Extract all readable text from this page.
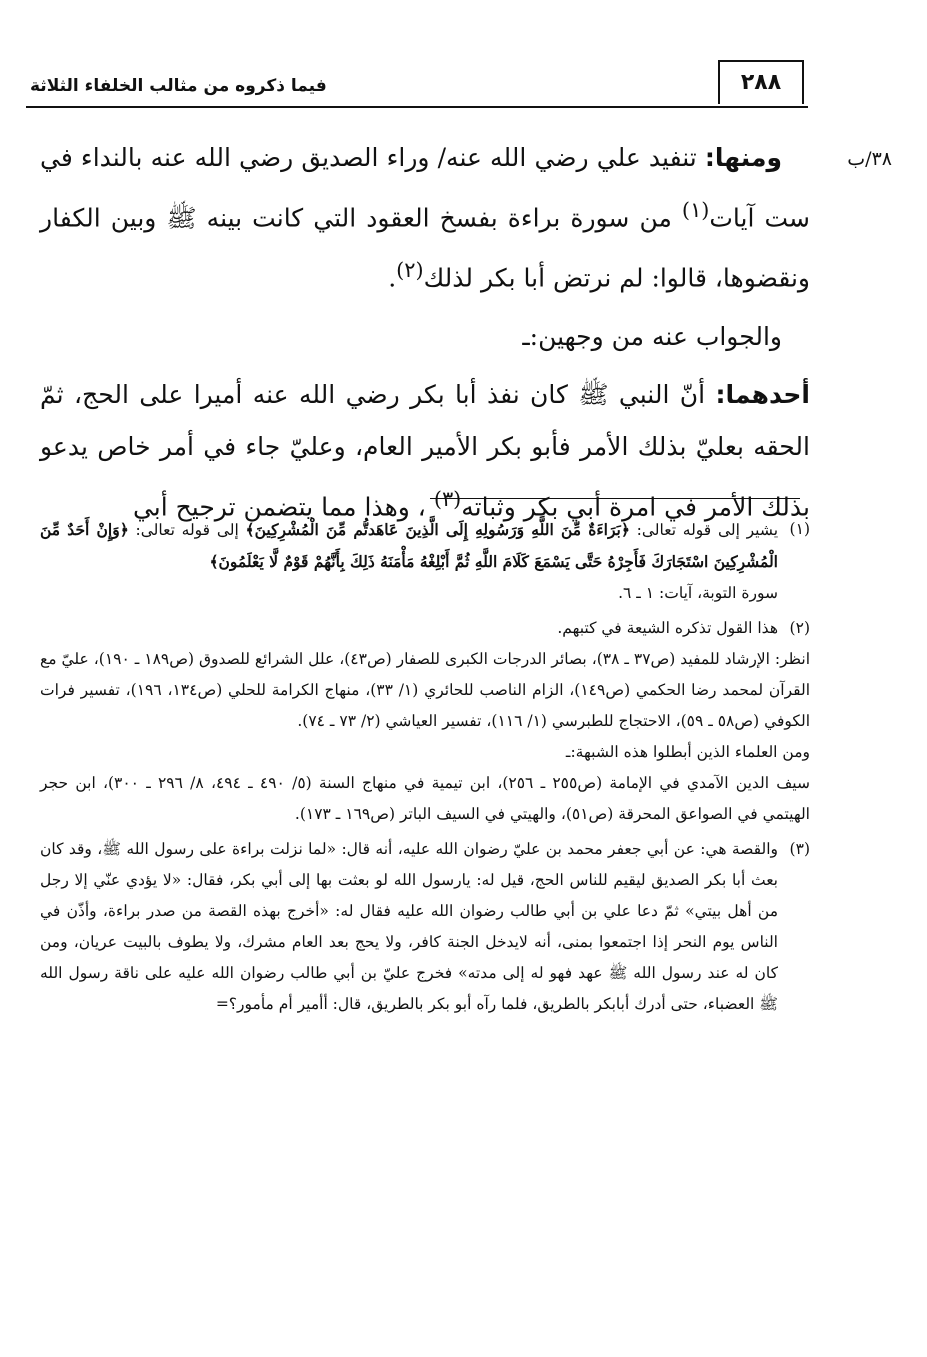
٢٨٨
فيما ذكروه من مثالب الخلفاء الثلاثة
٣٨/ب

ومنها: تنفيد علي رضي الله عنه/ وراء الصديق رضي الله عنه بالنداء في ست آيات$^{(١)}$ من سورة براءة بفسخ العقود التي كانت بينه ﷺ وبين الكفار ونقضوها، قالوا: لم نرتض أبا بكر لذلك$^{(٢)}$.

والجواب عنه من وجهين:ـ

أحدهما: أنّ النبي ﷺ كان نفذ أبا بكر رضي الله عنه أميرا على الحج، ثمّ الحقه بعليّ بذلك الأمر فأبو بكر الأمير العام، وعليّ جاء في أمر خاص يدعو بذلك الأمر في امرة أبي بكر وثباته$^{(٣)}$ ، وهذا مما يتضمن ترجيح أبي

(١)

يشير إلى قوله تعالى: ﴿بَرَاءَةٌ مِّنَ اللَّهِ وَرَسُولِهِ إِلَى الَّذِينَ عَاهَدتُّم مِّنَ الْمُشْرِكِينَ﴾ إلى قوله تعالى: ﴿وَإِنْ أَحَدٌ مِّنَ الْمُشْرِكِينَ اسْتَجَارَكَ فَأَجِرْهُ حَتَّى يَسْمَعَ كَلَامَ اللَّهِ ثُمَّ أَبْلِغْهُ مَأْمَنَهُ ذَلِكَ بِأَنَّهُمْ قَوْمٌ لَّا يَعْلَمُونَ﴾

سورة التوبة، آيات: ١ ـ ٦.

(٢)

هذا القول تذكره الشيعة في كتبهم.

انظر: الإرشاد للمفيد (ص٣٧ ـ ٣٨)، بصائر الدرجات الكبرى للصفار (ص٤٣)، علل الشرائع للصدوق (ص١٨٩ ـ ١٩٠)، عليّ مع القرآن لمحمد رضا الحكمي (ص١٤٩)، الزام الناصب للحائري (١/ ٣٣)، منهاج الكرامة للحلي (ص١٣٤، ١٩٦)، تفسير فرات الكوفي (ص٥٨ ـ ٥٩)، الاحتجاج للطبرسي (١/ ١١٦)، تفسير العياشي (٢/ ٧٣ ـ ٧٤).

ومن العلماء الذين أبطلوا هذه الشبهة:ـ

سيف الدين الآمدي في الإمامة (ص٢٥٥ ـ ٢٥٦)، ابن تيمية في منهاج السنة (٥/ ٤٩٠ ـ ٤٩٤، ٨/ ٢٩٦ ـ ٣٠٠)، ابن حجر الهيتمي في الصواعق المحرقة (ص٥١)، والهيتي في السيف الباتر (ص١٦٩ ـ ١٧٣).

(٣)

والقصة هي: عن أبي جعفر محمد بن عليّ رضوان الله عليه، أنه قال: «لما نزلت براءة على رسول الله ﷺ، وقد كان بعث أبا بكر الصديق ليقيم للناس الحج، قيل له: يارسول الله لو بعثت بها إلى أبي بكر، فقال: «لا يؤدي عنّي إلا رجل من أهل بيتي» ثمّ دعا علي بن أبي طالب رضوان الله عليه فقال له: «أخرج بهذه القصة من صدر براءة، وأذّن في الناس يوم النحر إذا اجتمعوا بمنى، أنه لايدخل الجنة كافر، ولا يحج بعد العام مشرك، ولا يطوف بالبيت عريان، ومن كان له عند رسول الله ﷺ عهد فهو له إلى مدته» فخرج عليّ بن أبي طالب رضوان الله عليه على ناقة رسول الله ﷺ العضباء، حتى أدرك أبابكر بالطريق، فلما رآه أبو بكر بالطريق، قال: أأمير أم مأمور؟=
